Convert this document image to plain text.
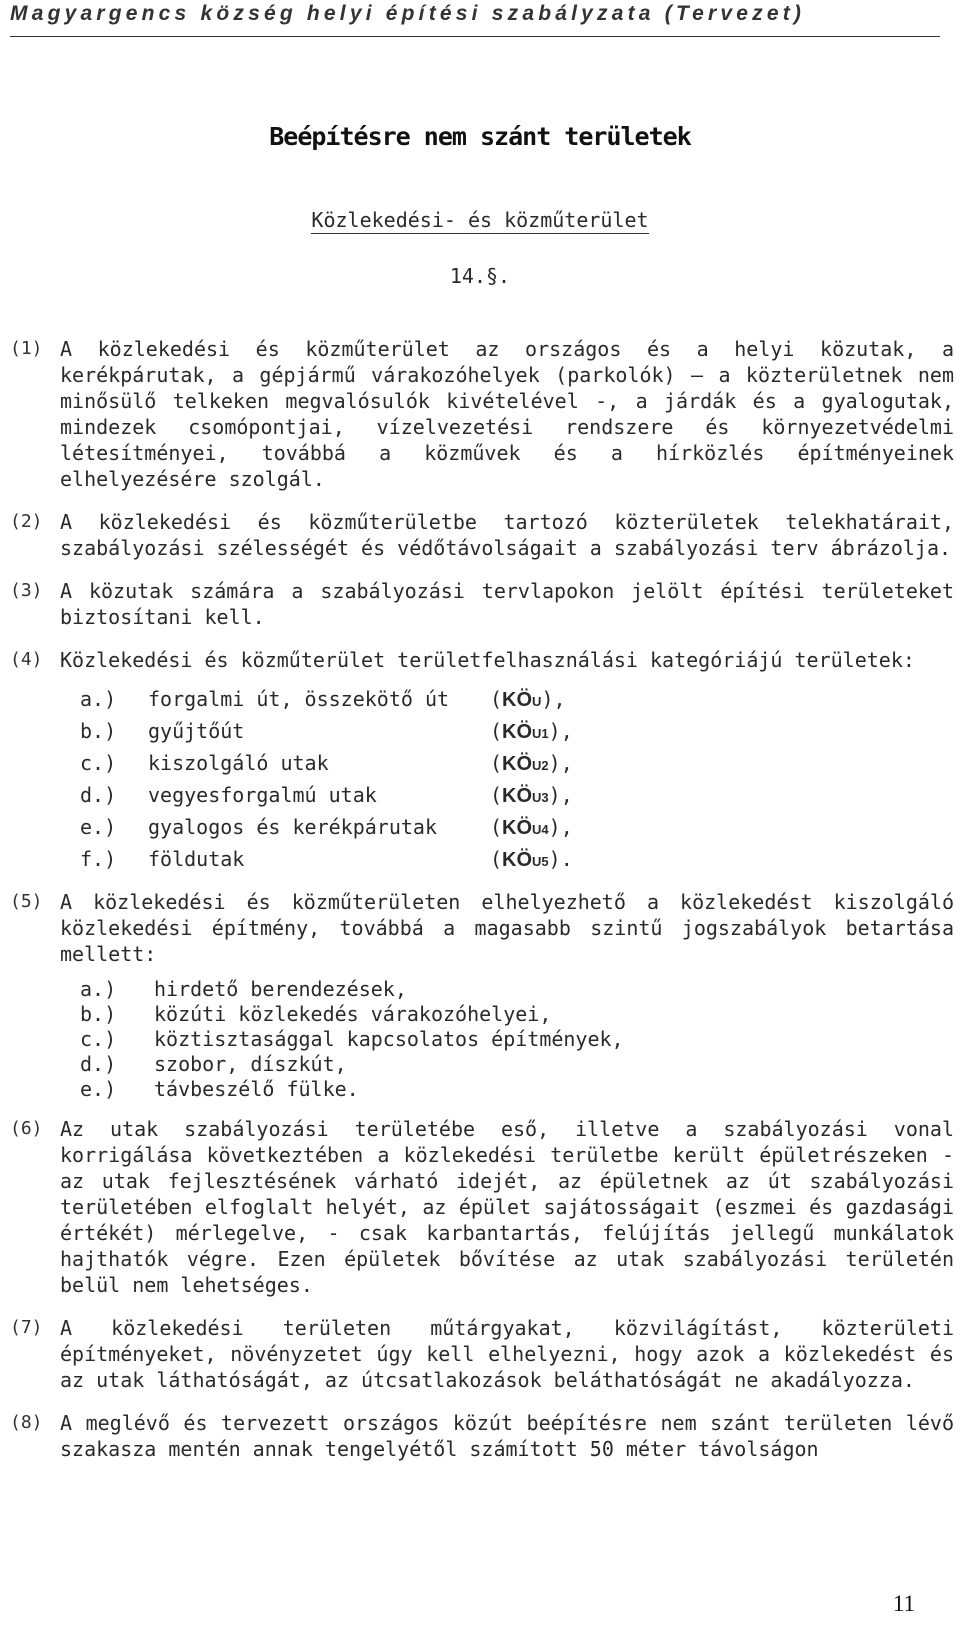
Magyargencs község helyi építési szabályzata (Tervezet)
Beépítésre nem szánt területek
Közlekedési- és közműterület
14.§.
(1) A közlekedési és közműterület az országos és a helyi közutak, a kerékpárutak, a gépjármű várakozóhelyek (parkolók) – a közterületnek nem minősülő telkeken megvalósulók kivételével -, a járdák és a gyalogutak, mindezek csomópontjai, vízelvezetési rendszere és környezetvédelmi létesítményei, továbbá a közművek és a hírközlés építményeinek elhelyezésére szolgál.
(2) A közlekedési és közműterületbe tartozó közterületek telekhatárait, szabályozási szélességét és védőtávolságait a szabályozási terv ábrázolja.
(3) A közutak számára a szabályozási tervlapokon jelölt építési területeket biztosítani kell.
(4) Közlekedési és közműterület területfelhasználási kategóriájú területek:
a.)	forgalmi út, összekötő út	(KÖU),
b.)	gyűjtőút	(KÖU1),
c.)	kiszolgáló utak	(KÖU2),
d.)	vegyesforgalmú utak	(KÖU3),
e.)	gyalogos és kerékpárutak	(KÖU4),
f.)	földutak	(KÖU5).
(5) A közlekedési és közműterületen elhelyezhető a közlekedést kiszolgáló közlekedési építmény, továbbá a magasabb szintű jogszabályok betartása mellett:
a.)	hirdető berendezések,
b.)	közúti közlekedés várakozóhelyei,
c.)	köztisztasággal kapcsolatos építmények,
d.)	szobor, díszkút,
e.)	távbeszélő fülke.
(6) Az utak szabályozási területébe eső, illetve a szabályozási vonal korrigálása következtében a közlekedési területbe került épületrészeken - az utak fejlesztésének várható idejét, az épületnek az út szabályozási területében elfoglalt helyét, az épület sajátosságait (eszmei és gazdasági értékét) mérlegelve, - csak karbantartás, felújítás jellegű munkálatok hajthatók végre. Ezen épületek bővítése az utak szabályozási területén belül nem lehetséges.
(7) A közlekedési területen műtárgyakat, közvilágítást, közterületi építményeket, növényzetet úgy kell elhelyezni, hogy azok a közlekedést és az utak láthatóságát, az útcsatlakozások beláthatóságát ne akadályozza.
(8) A meglévő és tervezett országos közút beépítésre nem szánt területen lévő szakasza mentén annak tengelyétől számított 50 méter távolságon
11
